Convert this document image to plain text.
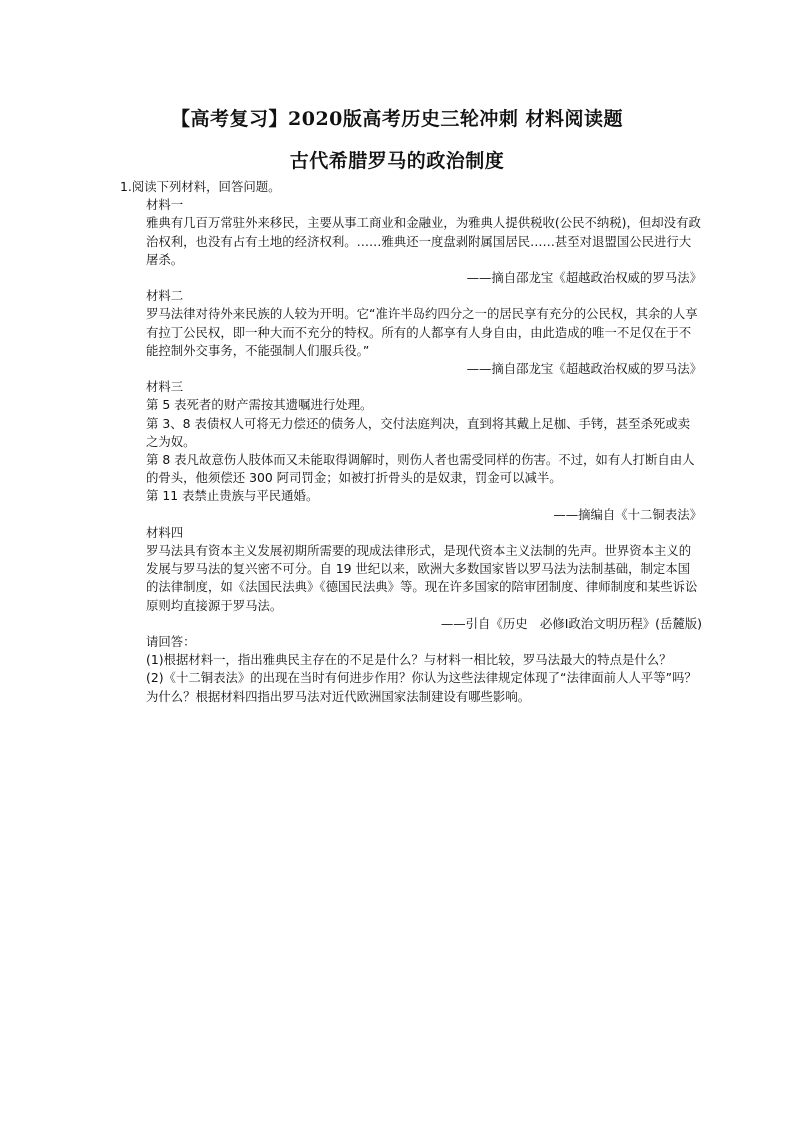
【高考复习】2020版高考历史三轮冲刺 材料阅读题
古代希腊罗马的政治制度

1.阅读下列材料，回答问题。

材料一

雅典有几百万常驻外来移民，主要从事工商业和金融业，为雅典人提供税收(公民不纳税)，但却没有政治权利，也没有占有土地的经济权利。……雅典还一度盘剥附属国居民……甚至对退盟国公民进行大屠杀。

——摘自邵龙宝《超越政治权威的罗马法》

材料二

罗马法律对待外来民族的人较为开明。它“准许半岛约四分之一的居民享有充分的公民权，其余的人享有拉丁公民权，即一种大而不充分的特权。所有的人都享有人身自由，由此造成的唯一不足仅在于不能控制外交事务，不能强制人们服兵役。”

——摘自邵龙宝《超越政治权威的罗马法》

材料三

第 5 表死者的财产需按其遗嘱进行处理。

第 3、8 表债权人可将无力偿还的债务人，交付法庭判决，直到将其戴上足枷、手铐，甚至杀死或卖之为奴。

第 8 表凡故意伤人肢体而又未能取得调解时，则伤人者也需受同样的伤害。不过，如有人打断自由人的骨头，他须偿还 300 阿司罚金；如被打折骨头的是奴隶，罚金可以减半。

第 11 表禁止贵族与平民通婚。

——摘编自《十二铜表法》

材料四

罗马法具有资本主义发展初期所需要的现成法律形式，是现代资本主义法制的先声。世界资本主义的发展与罗马法的复兴密不可分。自 19 世纪以来，欧洲大多数国家皆以罗马法为法制基础，制定本国的法律制度，如《法国民法典》《德国民法典》等。现在许多国家的陪审团制度、律师制度和某些诉讼原则均直接源于罗马法。

——引自《历史　必修Ⅰ政治文明历程》(岳麓版)

请回答：

(1)根据材料一，指出雅典民主存在的不足是什么？与材料一相比较，罗马法最大的特点是什么？

(2)《十二铜表法》的出现在当时有何进步作用？你认为这些法律规定体现了“法律面前人人平等”吗？为什么？根据材料四指出罗马法对近代欧洲国家法制建设有哪些影响。
